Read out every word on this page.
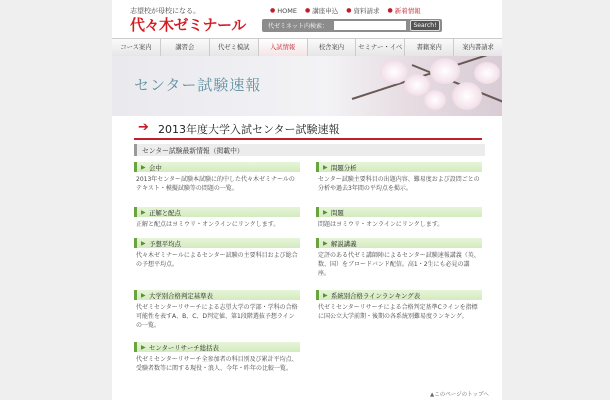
志望校が母校になる。
代々木ゼミナール
● HOME ● 講座申込 ● 資料請求 ● 新着情報
代ゼミネット内検索：	Search!
コース案内	講習会	代ゼミ模試	入試情報	校舎案内	セミナー・イベ	書籍案内	案内書請求
センター試験速報
➔ 2013年度大学入試センター試験速報
センター試験最新情報（掲載中）
▶ 会中
2013年センター試験本試験に的中した代々木ゼミナールのテキスト・模擬試験等の問題の一覧。
▶ 問題分析
センター試験主要科目の出題内容、難易度および設問ごとの分析や過去3年間の平均点を掲示。
▶ 正解と配点
正解と配点はヨミウリ・オンラインにリンクします。
▶ 問題
問題はヨミウリ・オンラインにリンクします。
▶ 予想平均点
代々木ゼミナールによるセンター試験の主要科目および総合の予想平均点。
▶ 解説講義
定評のある代ゼミ講師陣によるセンター試験速報講義（英、数、国）をブロードバンド配信。高1・2生にも必見の講座。
▶ 大学別合格判定基準表
代ゼミセンターリサーチによる志望大学の学部・学科の合格可能性を表すA、B、C、D判定値、第1段階選抜予想ラインの一覧。
▶ 系統別合格ラインランキング表
代ゼミセンターリサーチによる合格判定基準Cラインを指標に国公立大学前期・後期の各系統別難易度ランキング。
▶ センターリサーチ総括表
代ゼミセンターリサーチ全参加者の科目別及び累計平均点、受験者数等に関する現役・浪人、今年・昨年の比較一覧。
▲このページのトップへ
